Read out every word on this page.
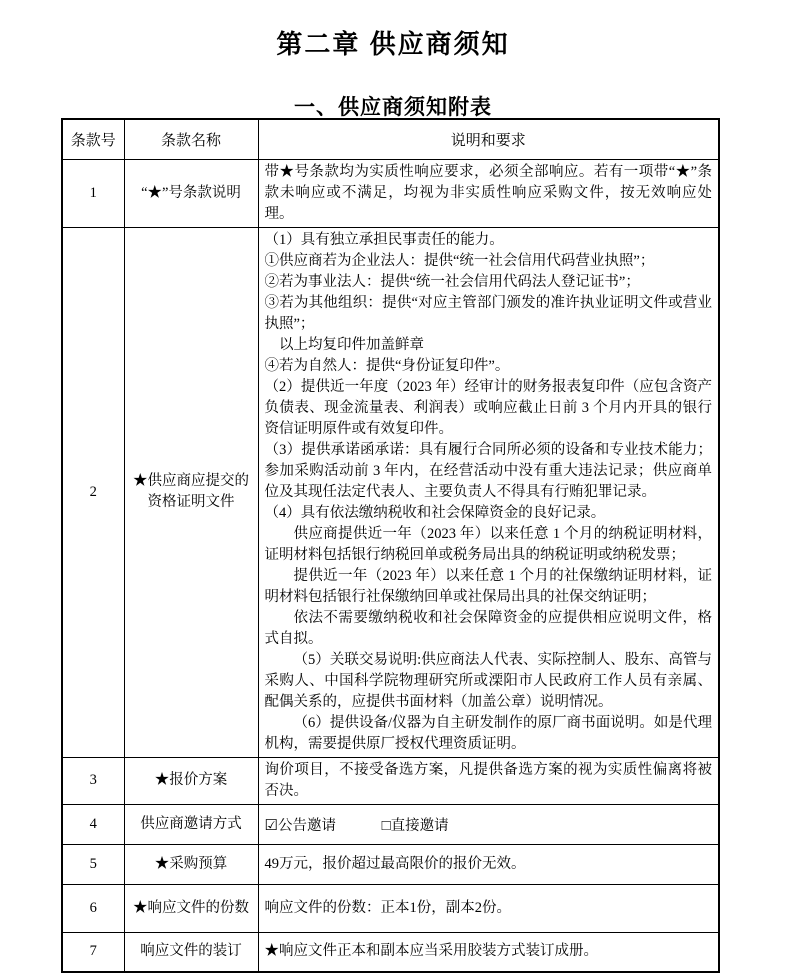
第二章 供应商须知
一、供应商须知附表
条款号	条款名称	说明和要求
1	“★”号条款说明	带★号条款均为实质性响应要求，必须全部响应。若有一项带“★”条款未响应或不满足，均视为非实质性响应采购文件，按无效响应处理。

2	★供应商应提交的资格证明文件	

（1）具有独立承担民事责任的能力。

①供应商若为企业法人：提供“统一社会信用代码营业执照”；

②若为事业法人：提供“统一社会信用代码法人登记证书”；

③若为其他组织：提供“对应主管部门颁发的准许执业证明文件或营业执照”；

以上均复印件加盖鲜章

④若为自然人：提供“身份证复印件”。

（2）提供近一年度（2023 年）经审计的财务报表复印件（应包含资产负债表、现金流量表、利润表）或响应截止日前 3 个月内开具的银行资信证明原件或有效复印件。

（3）提供承诺函承诺：具有履行合同所必须的设备和专业技术能力；参加采购活动前 3 年内，在经营活动中没有重大违法记录；供应商单位及其现任法定代表人、主要负责人不得具有行贿犯罪记录。

（4）具有依法缴纳税收和社会保障资金的良好记录。

供应商提供近一年（2023 年）以来任意 1 个月的纳税证明材料，证明材料包括银行纳税回单或税务局出具的纳税证明或纳税发票；

提供近一年（2023 年）以来任意 1 个月的社保缴纳证明材料，证明材料包括银行社保缴纳回单或社保局出具的社保交纳证明；

依法不需要缴纳税收和社会保障资金的应提供相应说明文件，格式自拟。

（5）关联交易说明:供应商法人代表、实际控制人、股东、高管与采购人、中国科学院物理研究所或溧阳市人民政府工作人员有亲属、配偶关系的，应提供书面材料（加盖公章）说明情况。

（6）提供设备/仪器为自主研发制作的原厂商书面说明。如是代理机构，需要提供原厂授权代理资质证明。

3	★报价方案	询价项目，不接受备选方案，凡提供备选方案的视为实质性偏离将被否决。

4	供应商邀请方式	☑公告邀请 □直接邀请
5	★采购预算	49万元，报价超过最高限价的报价无效。

6	★响应文件的份数	响应文件的份数：正本1份，副本2份。

7	响应文件的装订	★响应文件正本和副本应当采用胶装方式装订成册。
